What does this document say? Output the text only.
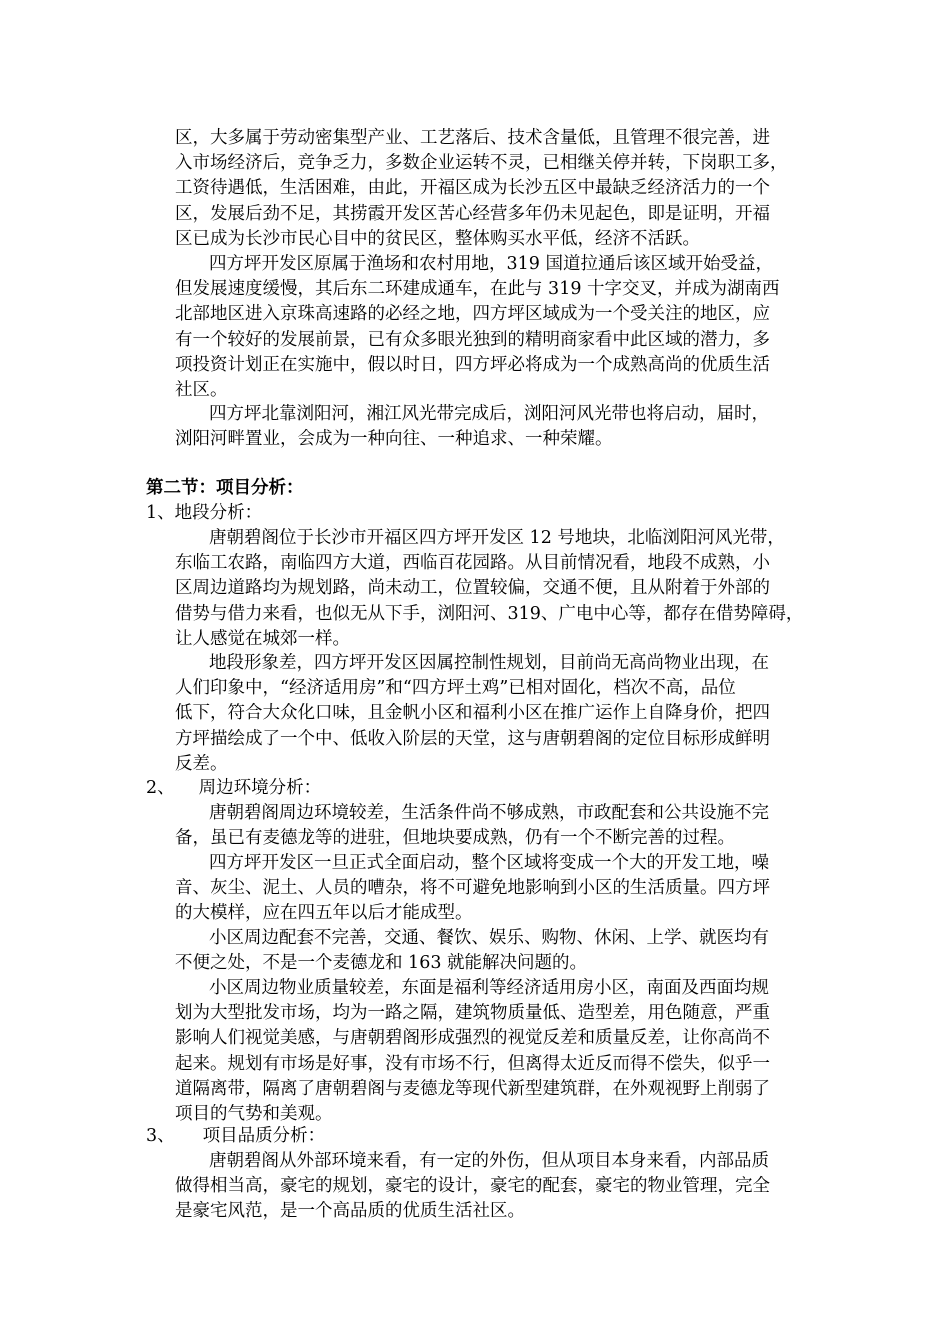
区，大多属于劳动密集型产业、工艺落后、技术含量低，且管理不很完善，进
入市场经济后，竞争乏力，多数企业运转不灵，已相继关停并转，下岗职工多，
工资待遇低，生活困难，由此，开福区成为长沙五区中最缺乏经济活力的一个
区，发展后劲不足，其捞霞开发区苦心经营多年仍未见起色，即是证明，开福
区已成为长沙市民心目中的贫民区，整体购买水平低，经济不活跃。
四方坪开发区原属于渔场和农村用地，319 国道拉通后该区域开始受益，
但发展速度缓慢，其后东二环建成通车，在此与 319 十字交叉，并成为湖南西
北部地区进入京珠高速路的必经之地，四方坪区域成为一个受关注的地区，应
有一个较好的发展前景，已有众多眼光独到的精明商家看中此区域的潜力，多
项投资计划正在实施中，假以时日，四方坪必将成为一个成熟高尚的优质生活
社区。
四方坪北靠浏阳河，湘江风光带完成后，浏阳河风光带也将启动，届时，
浏阳河畔置业，会成为一种向往、一种追求、一种荣耀。
第二节：项目分析：
1、地段分析：
唐朝碧阁位于长沙市开福区四方坪开发区 12 号地块，北临浏阳河风光带，
东临工农路，南临四方大道，西临百花园路。从目前情况看，地段不成熟，小
区周边道路均为规划路，尚未动工，位置较偏，交通不便，且从附着于外部的
借势与借力来看，也似无从下手，浏阳河、319、广电中心等，都存在借势障碍，
让人感觉在城郊一样。
地段形象差，四方坪开发区因属控制性规划，目前尚无高尚物业出现，在
人们印象中，“经济适用房”和“四方坪土鸡”已相对固化，档次不高，品位
低下，符合大众化口味，且金帆小区和福利小区在推广运作上自降身价，把四
方坪描绘成了一个中、低收入阶层的天堂，这与唐朝碧阁的定位目标形成鲜明
反差。
2、 周边环境分析：
唐朝碧阁周边环境较差，生活条件尚不够成熟，市政配套和公共设施不完
备，虽已有麦德龙等的进驻，但地块要成熟，仍有一个不断完善的过程。
四方坪开发区一旦正式全面启动，整个区域将变成一个大的开发工地，噪
音、灰尘、泥土、人员的嘈杂，将不可避免地影响到小区的生活质量。四方坪
的大模样，应在四五年以后才能成型。
小区周边配套不完善，交通、餐饮、娱乐、购物、休闲、上学、就医均有
不便之处，不是一个麦德龙和 163 就能解决问题的。
小区周边物业质量较差，东面是福利等经济适用房小区，南面及西面均规
划为大型批发市场，均为一路之隔，建筑物质量低、造型差，用色随意，严重
影响人们视觉美感，与唐朝碧阁形成强烈的视觉反差和质量反差，让你高尚不
起来。规划有市场是好事，没有市场不行，但离得太近反而得不偿失，似乎一
道隔离带，隔离了唐朝碧阁与麦德龙等现代新型建筑群，在外观视野上削弱了
项目的气势和美观。
3、 项目品质分析：
唐朝碧阁从外部环境来看，有一定的外伤，但从项目本身来看，内部品质
做得相当高，豪宅的规划，豪宅的设计，豪宅的配套，豪宅的物业管理，完全
是豪宅风范，是一个高品质的优质生活社区。
